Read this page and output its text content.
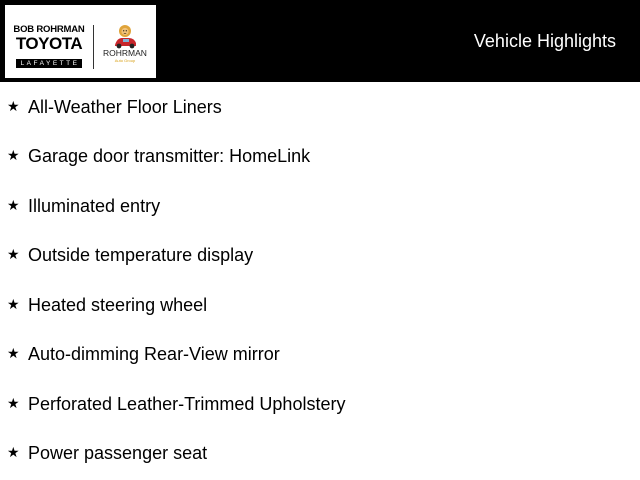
BOB ROHRMAN
TOYOTA
LAFAYETTE
ROHRMAN
Auto Group
Vehicle Highlights
★ All-Weather Floor Liners
★ Garage door transmitter: HomeLink
★ Illuminated entry
★ Outside temperature display
★ Heated steering wheel
★ Auto-dimming Rear-View mirror
★ Perforated Leather-Trimmed Upholstery
★ Power passenger seat
